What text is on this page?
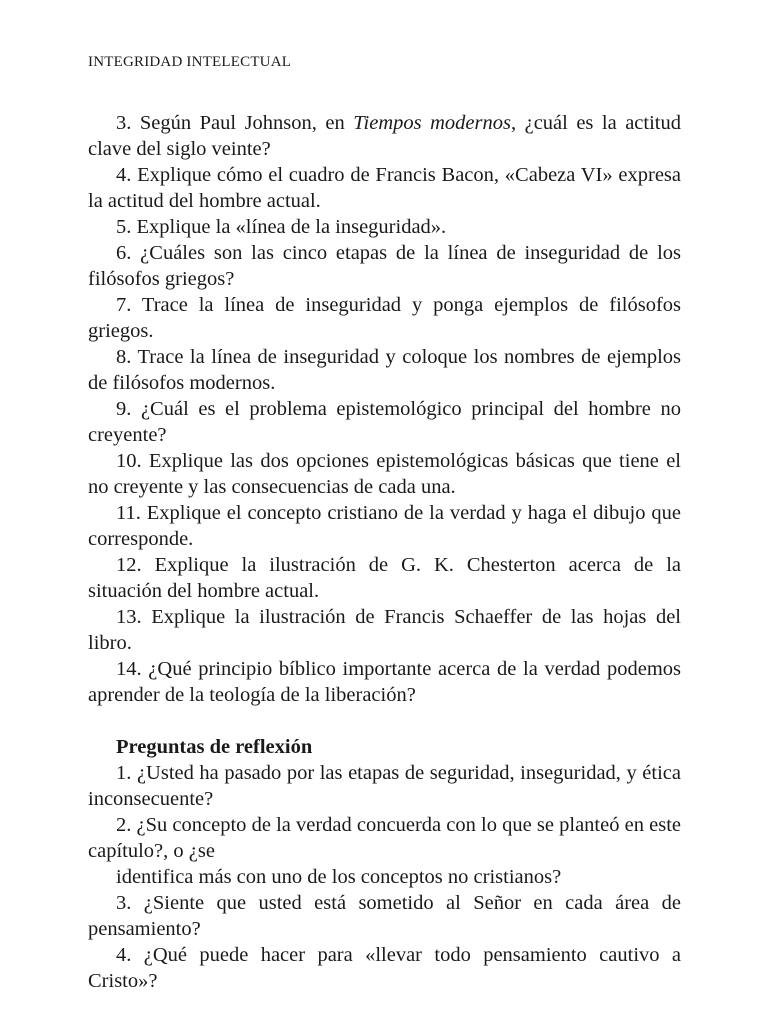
INTEGRIDAD INTELECTUAL

3. Según Paul Johnson, en Tiempos modernos, ¿cuál es la actitud clave del siglo veinte?

4. Explique cómo el cuadro de Francis Bacon, «Cabeza VI» expresa la actitud del hombre actual.

5. Explique la «línea de la inseguridad».

6. ¿Cuáles son las cinco etapas de la línea de inseguridad de los filósofos griegos?

7. Trace la línea de inseguridad y ponga ejemplos de filósofos griegos.

8. Trace la línea de inseguridad y coloque los nombres de ejemplos de filósofos modernos.

9. ¿Cuál es el problema epistemológico principal del hombre no creyente?

10. Explique las dos opciones epistemológicas básicas que tiene el no creyente y las consecuencias de cada una.

11. Explique el concepto cristiano de la verdad y haga el dibujo que corresponde.

12. Explique la ilustración de G. K. Chesterton acerca de la situación del hombre actual.

13. Explique la ilustración de Francis Schaeffer de las hojas del libro.

14. ¿Qué principio bíblico importante acerca de la verdad podemos aprender de la teología de la liberación?

Preguntas de reflexión

1. ¿Usted ha pasado por las etapas de seguridad, inseguridad, y ética inconsecuente?

2. ¿Su concepto de la verdad concuerda con lo que se planteó en este capítulo?, o ¿se

identifica más con uno de los conceptos no cristianos?

3. ¿Siente que usted está sometido al Señor en cada área de pensamiento?

4. ¿Qué puede hacer para «llevar todo pensamiento cautivo a Cristo»?
